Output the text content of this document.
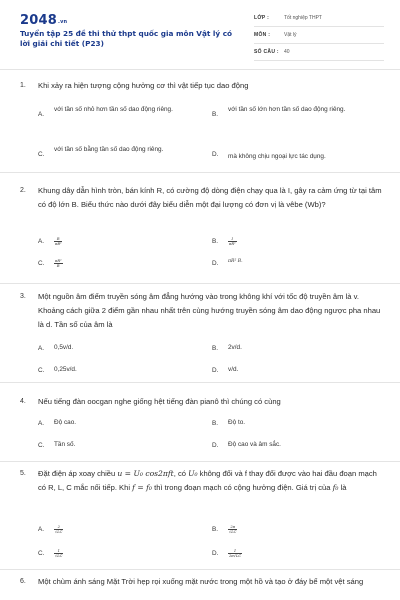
$2048^{.vn}$
Tuyển tập 25 đề thi thử thpt quốc gia môn Vật lý có lời giải chi tiết (P23)
LỚP :	Tốt nghiệp THPT
MÔN :	Vật lý
SỐ CÂU : 40
1. Khi xảy ra hiện tượng cộng hưởng cơ thì vật tiếp tục dao động
A.
với tần số nhỏ hơn tần số dao động riêng.
B.
với tần số lớn hơn tần số dao động riêng.
C.
với tần số bằng tần số dao động riêng.
D. mà không chịu ngoại lực tác dụng.
2. Khung dây dẫn hình tròn, bán kính R, có cường độ dòng điện chạy qua là I, gây ra cảm ứng từ tại tâm có độ lớn B. Biểu thức nào dưới đây biểu diễn một đại lượng có đơn vị là vêbe (Wb)?
A.	$\frac{R}{\text{πB²}}$	B.	$\frac{I}{\text{πR²}}$
C.	$\frac{\text{πR²}}{B}$	D. πR² B.
3. Một nguồn âm điểm truyền sóng âm đẳng hướng vào trong không khí với tốc độ truyền âm là v. Khoảng cách giữa 2 điểm gần nhau nhất trên cùng hướng truyền sóng âm dao động ngược pha nhau là d. Tần số của âm là
A. 0,5v/d.	B. 2v/d.
C. 0,25v/d.	D. v/d.
4. Nếu tiếng đàn oocgan nghe giống hệt tiếng đàn pianô thì chúng có cùng
A. Độ cao.	B. Độ to.
C. Tần số.	D. Độ cao và âm sắc.
5. Đặt điện áp xoay chiều u = U₀ cos2πft, có U₀ không đổi và f thay đổi được vào hai đầu đoạn mạch có R, L, C mắc nối tiếp. Khi f = f₀ thì trong đoạn mạch có cộng hưởng điện. Giá trị của f₀ là
A.	$\frac{2}{√LC}$	B.	$\frac{2\pi}{√LC}$
C.	$\frac{1}{√LC}$	D.	$\frac{1}{2\pi√LC}$
6. Một chùm ánh sáng Mặt Trời hẹp rọi xuống mặt nước trong một hồ và tạo ở đáy bể một vệt sáng
